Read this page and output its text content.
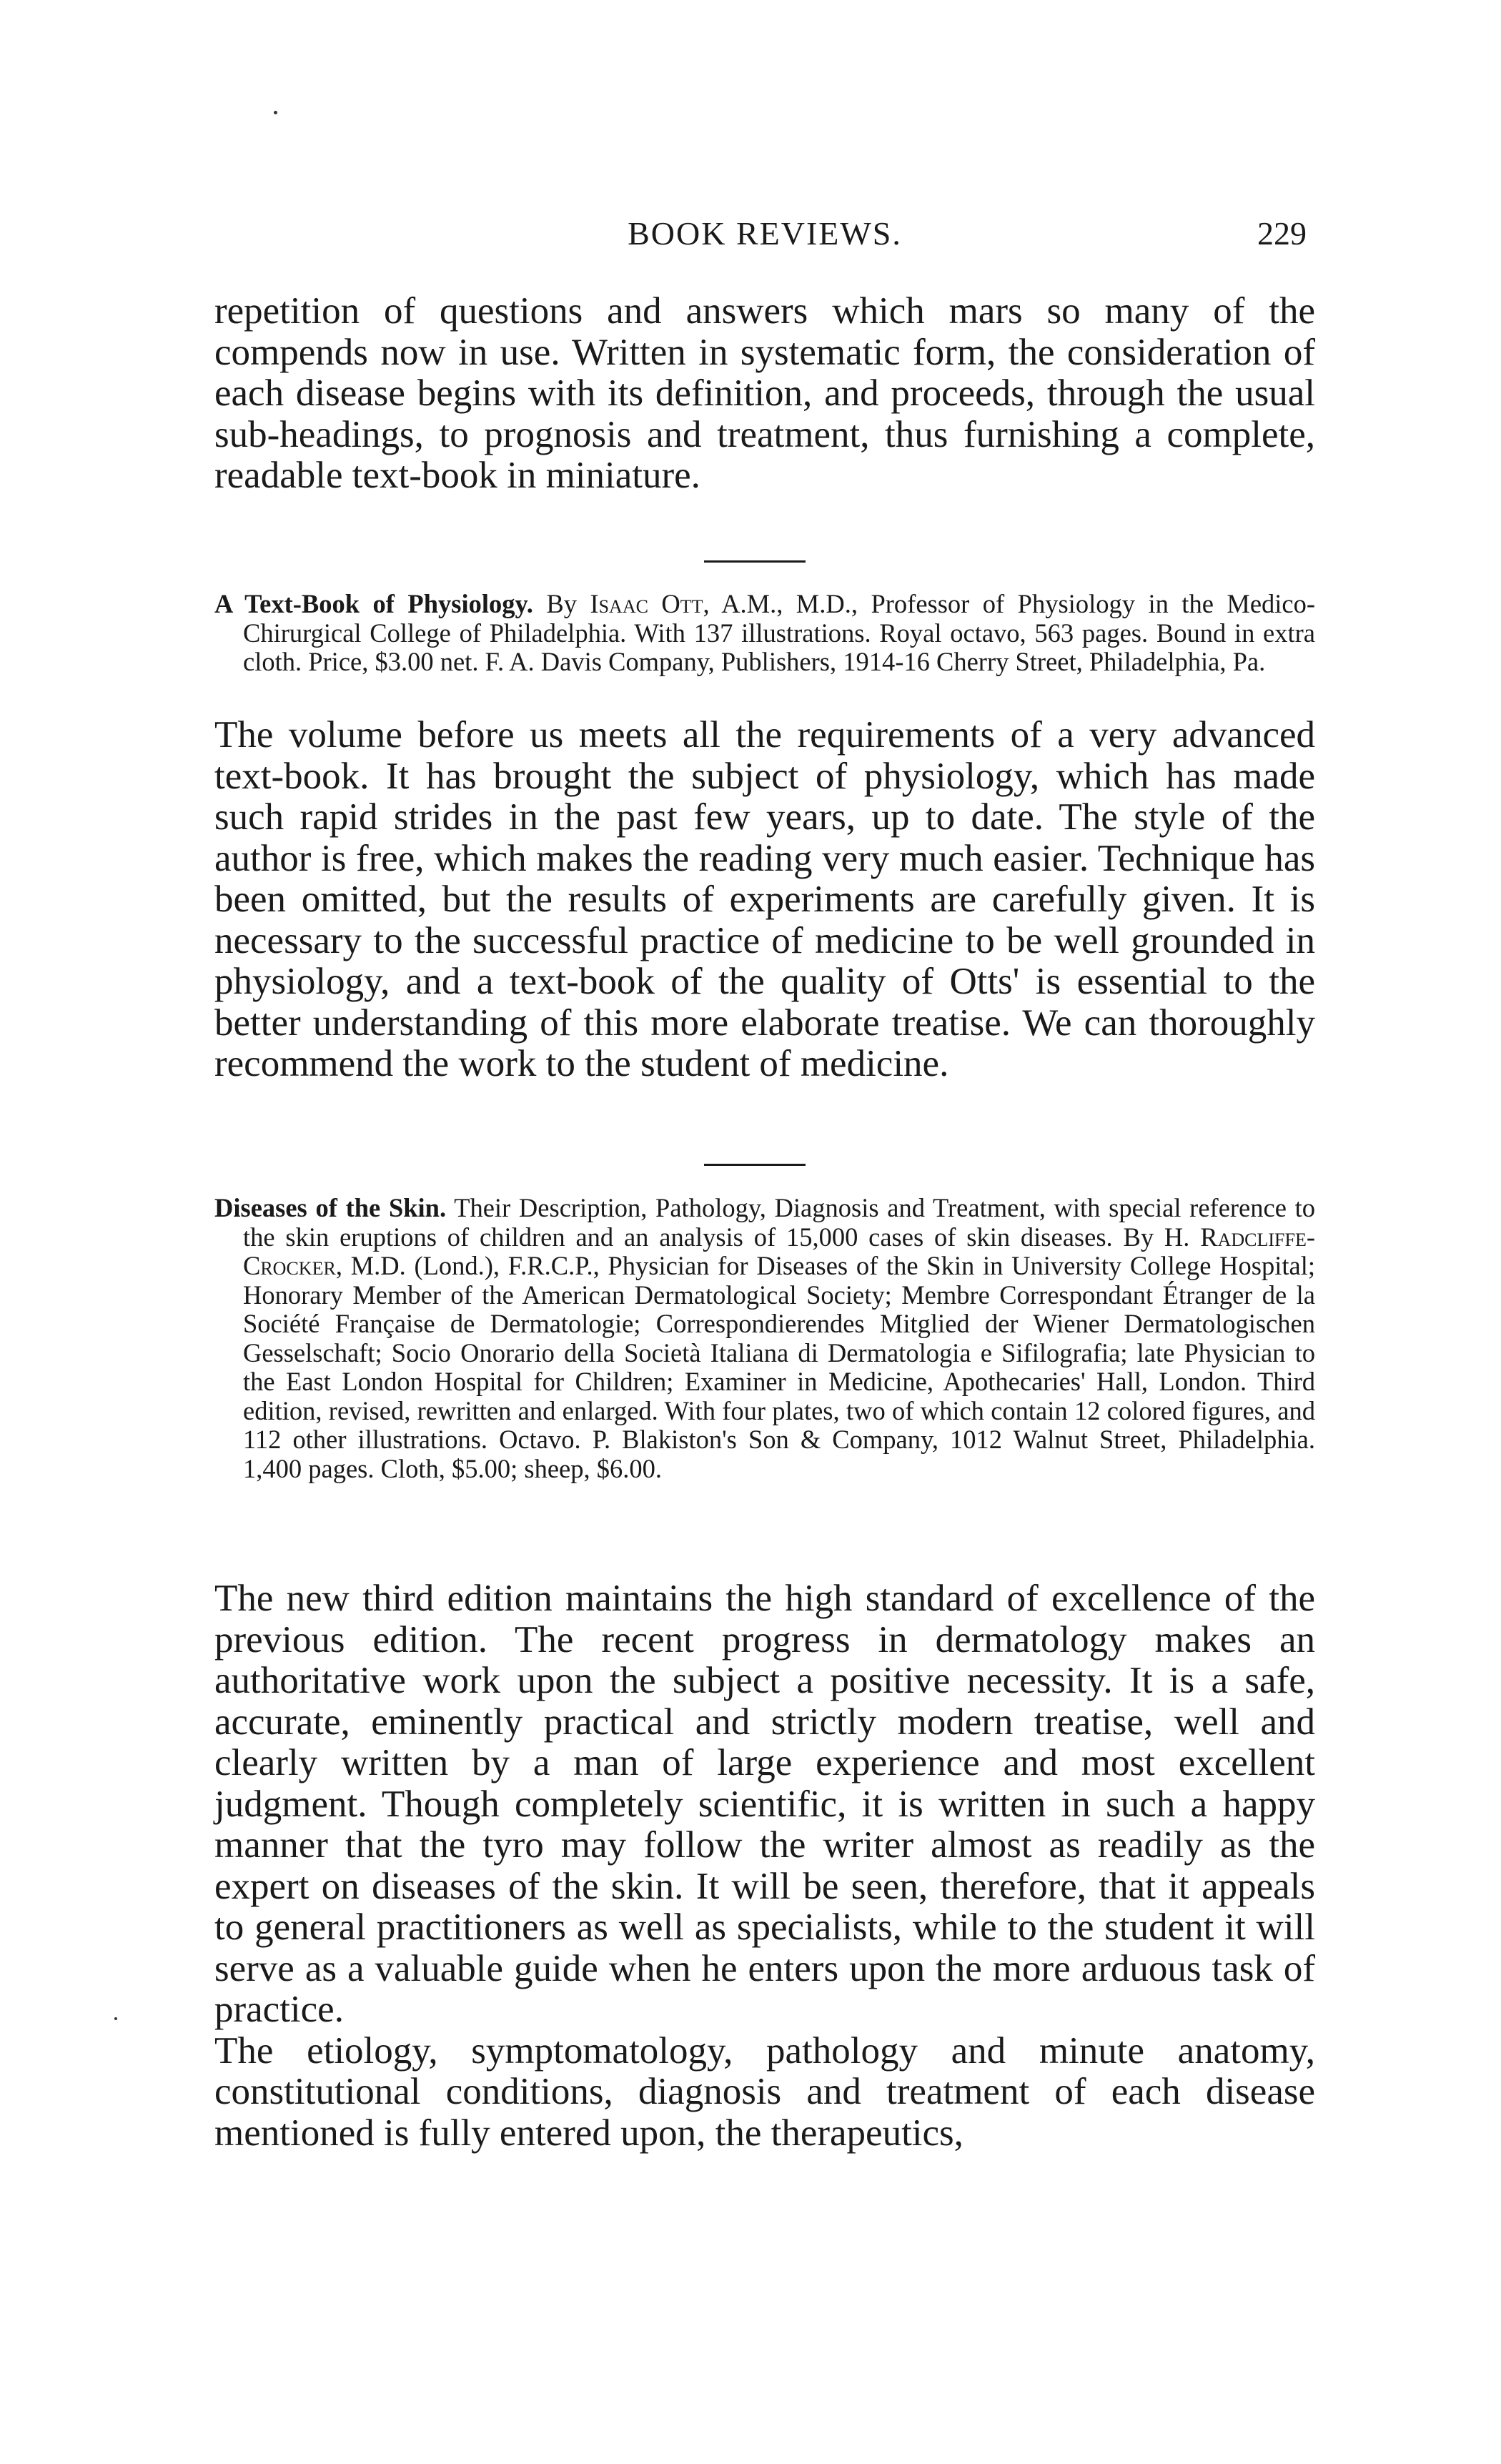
BOOK REVIEWS.	229

repetition of questions and answers which mars so many of the compends now in use. Written in systematic form, the consideration of each disease begins with its definition, and proceeds, through the usual sub-headings, to prognosis and treatment, thus furnishing a complete, readable text-book in miniature.

A Text-Book of Physiology. By Isaac Ott, A.M., M.D., Professor of Physiology in the Medico-Chirurgical College of Philadelphia. With 137 illustrations. Royal octavo, 563 pages. Bound in extra cloth. Price, $3.00 net. F. A. Davis Company, Publishers, 1914-16 Cherry Street, Philadelphia, Pa.

The volume before us meets all the requirements of a very advanced text-book. It has brought the subject of physiology, which has made such rapid strides in the past few years, up to date. The style of the author is free, which makes the reading very much easier. Technique has been omitted, but the results of experiments are carefully given. It is necessary to the successful practice of medicine to be well grounded in physiology, and a text-book of the quality of Otts' is essential to the better understanding of this more elaborate treatise. We can thoroughly recommend the work to the student of medicine.

Diseases of the Skin. Their Description, Pathology, Diagnosis and Treatment, with special reference to the skin eruptions of children and an analysis of 15,000 cases of skin diseases. By H. Radcliffe-Crocker, M.D. (Lond.), F.R.C.P., Physician for Diseases of the Skin in University College Hospital; Honorary Member of the American Dermatological Society; Membre Correspondant Étranger de la Société Française de Dermatologie; Correspondierendes Mitglied der Wiener Dermatologischen Gesselschaft; Socio Onorario della Società Italiana di Dermatologia e Sifilografia; late Physician to the East London Hospital for Children; Examiner in Medicine, Apothecaries' Hall, London. Third edition, revised, rewritten and enlarged. With four plates, two of which contain 12 colored figures, and 112 other illustrations. Octavo. P. Blakiston's Son & Company, 1012 Walnut Street, Philadelphia. 1,400 pages. Cloth, $5.00; sheep, $6.00.

The new third edition maintains the high standard of excellence of the previous edition. The recent progress in dermatology makes an authoritative work upon the subject a positive necessity. It is a safe, accurate, eminently practical and strictly modern treatise, well and clearly written by a man of large experience and most excellent judgment. Though completely scientific, it is written in such a happy manner that the tyro may follow the writer almost as readily as the expert on diseases of the skin. It will be seen, therefore, that it appeals to general practitioners as well as specialists, while to the student it will serve as a valuable guide when he enters upon the more arduous task of practice.

The etiology, symptomatology, pathology and minute anatomy, constitutional conditions, diagnosis and treatment of each disease mentioned is fully entered upon, the therapeutics,
